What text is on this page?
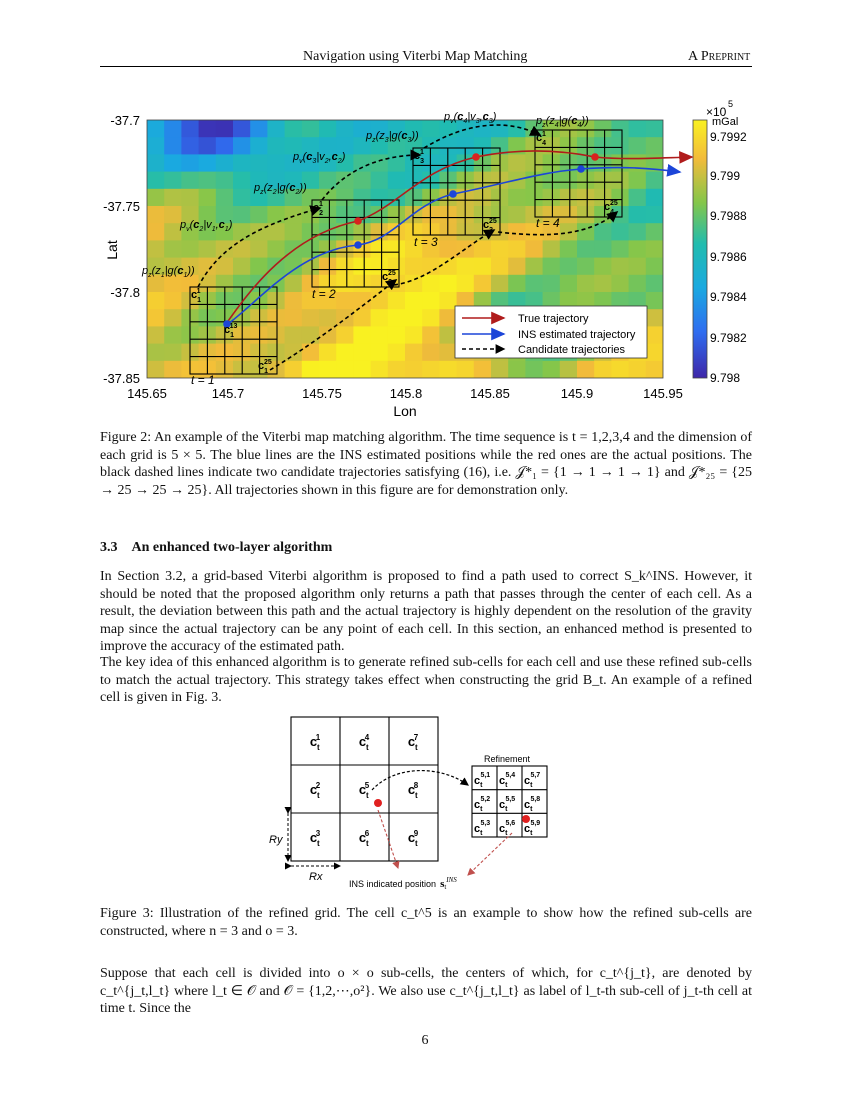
Navigation using Viterbi Map Matching	A Preprint
-37.7
-37.75
-37.8
-37.85
Lat
145.65	145.7	145.75	145.8	145.85	145.9	145.95
Lon
×10
5
mGal
9.7992
9.799
9.7988
9.7986
9.7984
9.7982
9.798
$c_11$
$c_113$
$c_125$
$c_21$
$c_225$
$c_31$
$c_325$
$c_41$
$c_425$
$p_z(z_1|g(c_1))$
$p_v(c_2|v_1,c_1)$
$p_z(z_2|g(c_2))$
$p_v(c_3|v_2,c_2)$
$p_z(z_3|g(c_3))$
$p_v(c_4|v_3,c_3)$	$p_z(z_4|g(c_4))$
t = 1
t = 2
t = 3
t = 4
True trajectory
INS estimated trajectory
Candidate trajectories
Figure 2: An example of the Viterbi map matching algorithm. The time sequence is t = 1,2,3,4 and the dimension of each grid is 5 × 5. The blue lines are the INS estimated positions while the red ones are the actual positions. The black dashed lines indicate two candidate trajectories satisfying (16), i.e. 𝒥*₁ = {1 → 1 → 1 → 1} and 𝒥*₂₅ = {25 → 25 → 25 → 25}. All trajectories shown in this figure are for demonstration only.
3.3 An enhanced two-layer algorithm
In Section 3.2, a grid-based Viterbi algorithm is proposed to find a path used to correct S_k^INS. However, it should be noted that the proposed algorithm only returns a path that passes through the center of each cell. As a result, the deviation between this path and the actual trajectory is highly dependent on the resolution of the gravity map since the actual trajectory can be any point of each cell. In this section, an enhanced method is presented to improve the accuracy of the estimated path.
The key idea of this enhanced algorithm is to generate refined sub-cells for each cell and use these refined sub-cells to match the actual trajectory. This strategy takes effect when constructing the grid B_t. An example of a refined cell is given in Fig. 3.
$c_t1$	$c_t4$	$c_t7$
$c_t2$	$c_t5$	$c_t8$
$c_t3$	$c_t6$	$c_t9$
Ry
Rx
Refinement
$c_t5,1$ $c_t5,4$ $c_t5,7$
$c_t5,2$ $c_t5,5$ $c_t5,8$
$c_t5,3$ $c_t5,6$ $c_t5,9$
INS indicated position $s_t^{INS}$
Figure 3: Illustration of the refined grid. The cell c_t^5 is an example to show how the refined sub-cells are constructed, where n = 3 and o = 3.
Suppose that each cell is divided into o × o sub-cells, the centers of which, for c_t^{j_t}, are denoted by c_t^{j_t,l_t} where l_t ∈ 𝒪 and 𝒪 = {1,2,⋯,o²}. We also use c_t^{j_t,l_t} as label of l_t-th sub-cell of j_t-th cell at time t. Since the
6
